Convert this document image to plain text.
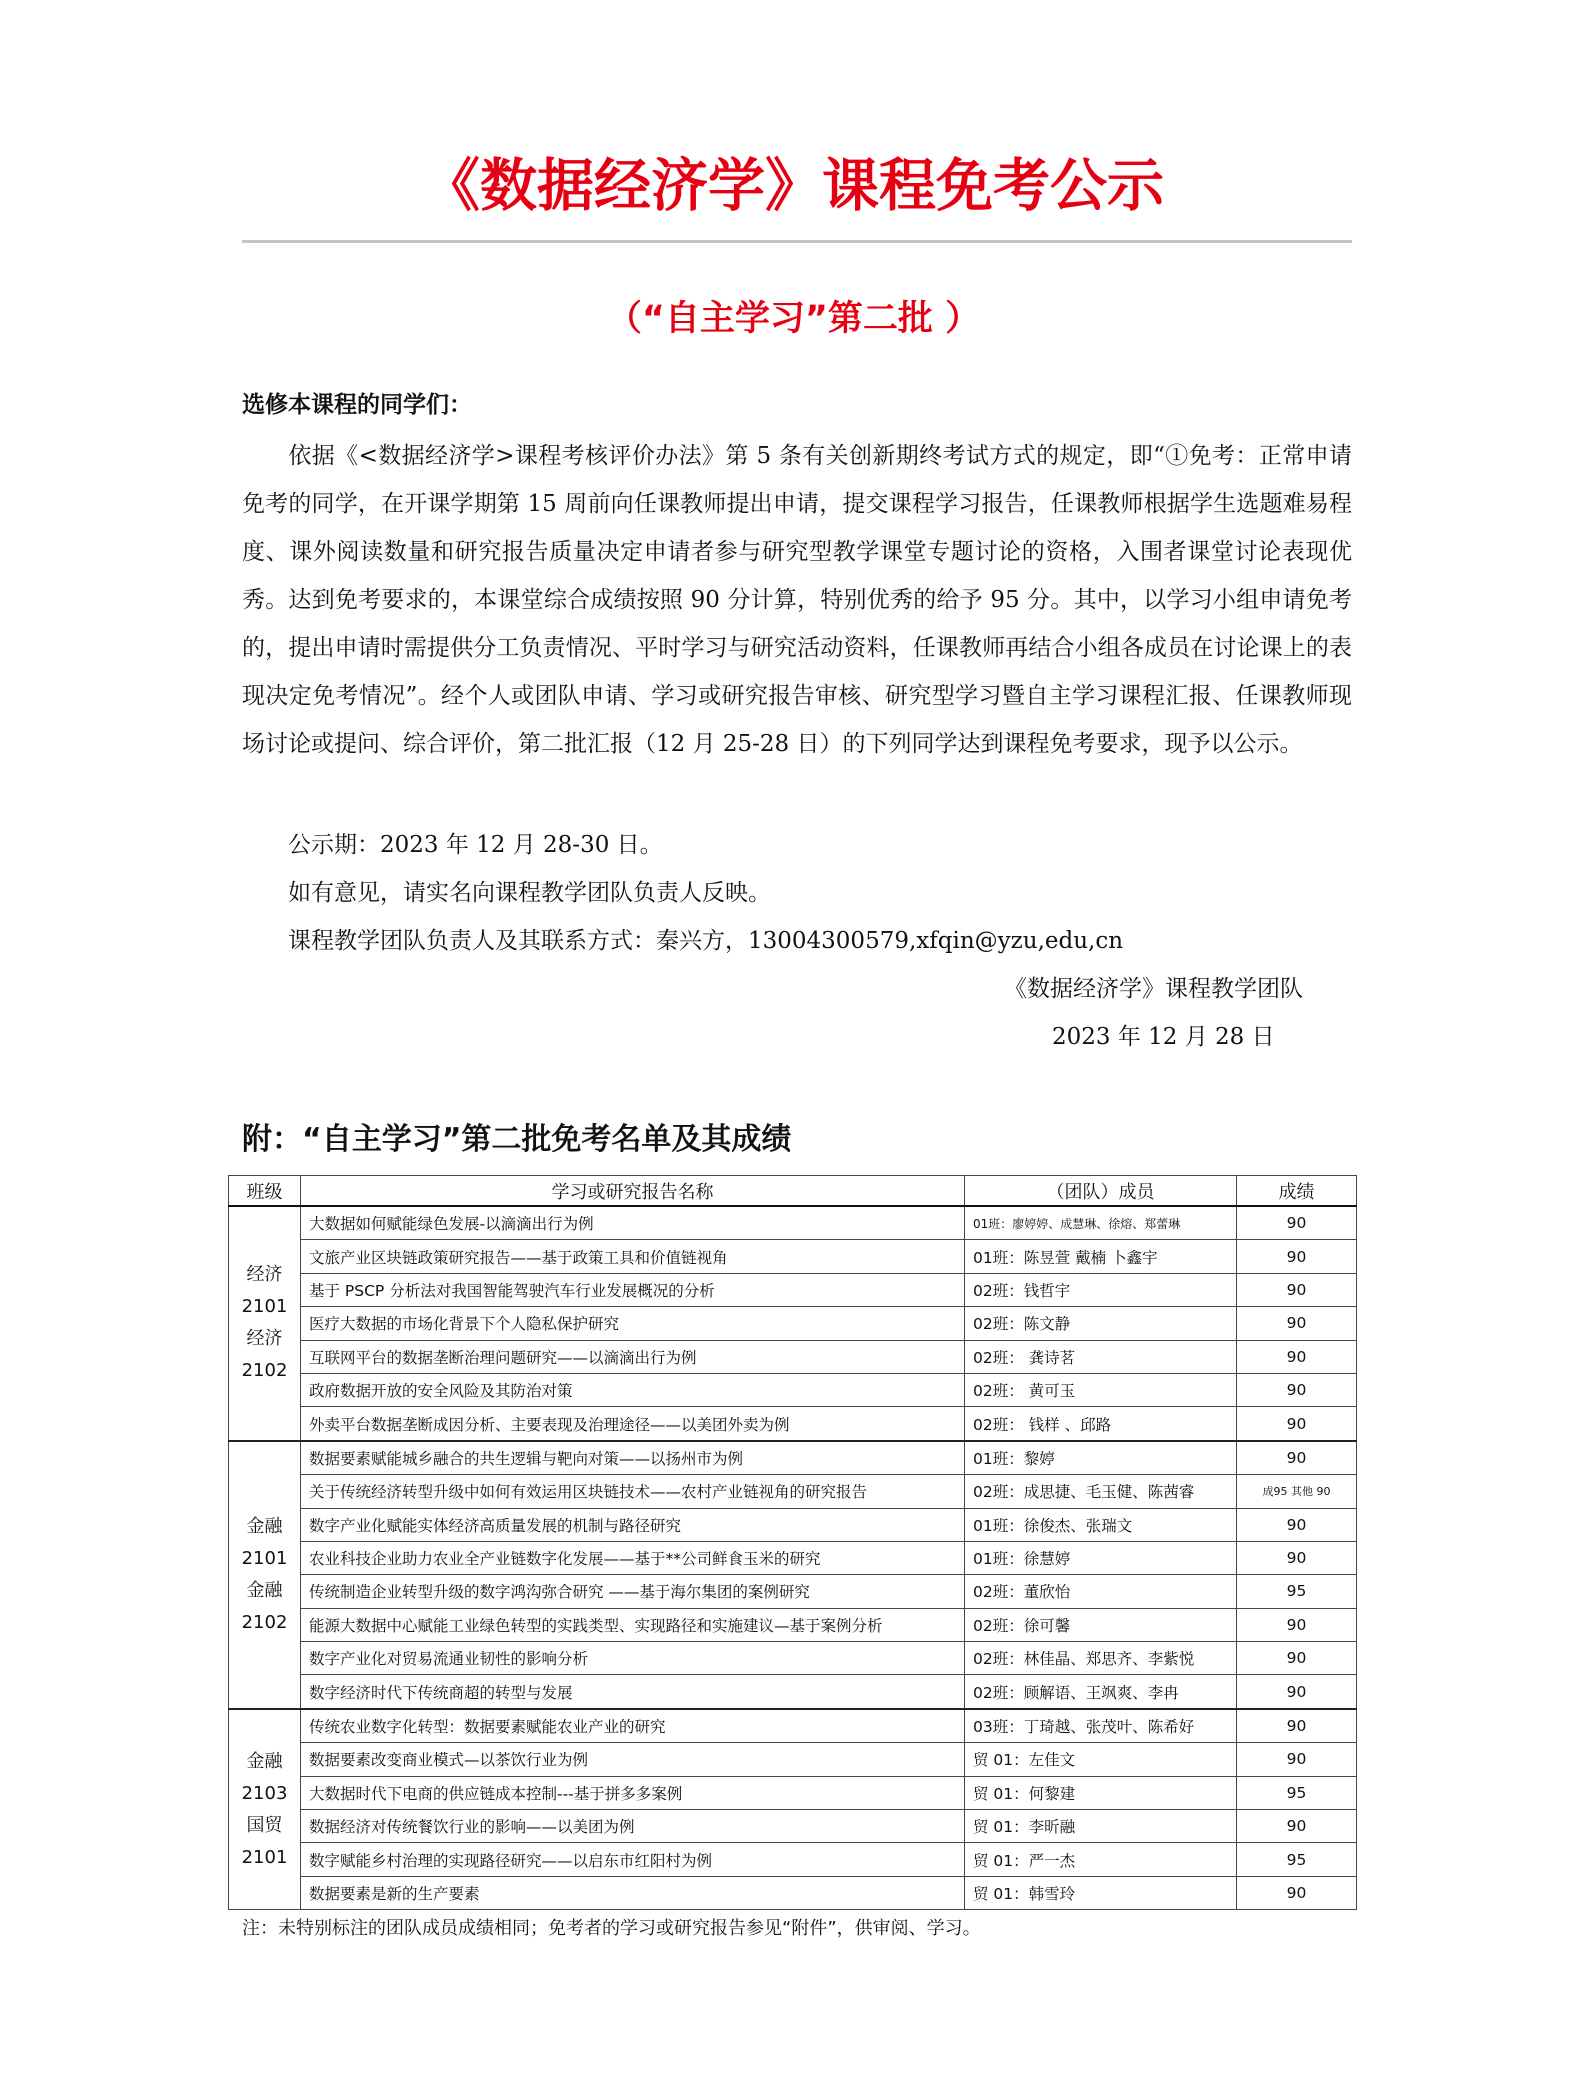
《数据经济学》课程免考公示
（“自主学习”第二批 ）
选修本课程的同学们：
依据《<数据经济学>课程考核评价办法》第 5 条有关创新期终考试方式的规定，即“①免考：正常申请免考的同学，在开课学期第 15 周前向任课教师提出申请，提交课程学习报告，任课教师根据学生选题难易程度、课外阅读数量和研究报告质量决定申请者参与研究型教学课堂专题讨论的资格，入围者课堂讨论表现优秀。达到免考要求的，本课堂综合成绩按照 90 分计算，特别优秀的给予 95 分。其中，以学习小组申请免考的，提出申请时需提供分工负责情况、平时学习与研究活动资料，任课教师再结合小组各成员在讨论课上的表现决定免考情况”。经个人或团队申请、学习或研究报告审核、研究型学习暨自主学习课程汇报、任课教师现场讨论或提问、综合评价，第二批汇报（12 月 25-28 日）的下列同学达到课程免考要求，现予以公示。
公示期：2023 年 12 月 28-30 日。
如有意见，请实名向课程教学团队负责人反映。
课程教学团队负责人及其联系方式：秦兴方，13004300579,xfqin@yzu,edu,cn
《数据经济学》课程教学团队
2023 年 12 月 28 日
附：“自主学习”第二批免考名单及其成绩
班级	学习或研究报告名称	（团队）成员	成绩

经济
2101
经济
2102	大数据如何赋能绿色发展-以滴滴出行为例	01班：廖婷婷、成慧琳、徐熔、郑蕾琳	90
	文旅产业区块链政策研究报告——基于政策工具和价值链视角	01班：陈昱萱 戴楠 卜鑫宇	90
	基于 PSCP 分析法对我国智能驾驶汽车行业发展概况的分析	02班：钱哲宇	90
	医疗大数据的市场化背景下个人隐私保护研究	02班：陈文静	90
	互联网平台的数据垄断治理问题研究——以滴滴出行为例	02班： 龚诗茗	90
	政府数据开放的安全风险及其防治对策	02班： 黄可玉	90
	外卖平台数据垄断成因分析、主要表现及治理途径——以美团外卖为例	02班： 钱样 、邱路	90

金融
2101
金融
2102	数据要素赋能城乡融合的共生逻辑与靶向对策——以扬州市为例	01班：黎婷	90
	关于传统经济转型升级中如何有效运用区块链技术——农村产业链视角的研究报告	02班：成思捷、毛玉健、陈茜睿	成95 其他 90
	数字产业化赋能实体经济高质量发展的机制与路径研究	01班：徐俊杰、张瑞文	90
	农业科技企业助力农业全产业链数字化发展——基于**公司鲜食玉米的研究	01班：徐慧婷	90
	传统制造企业转型升级的数字鸿沟弥合研究 ——基于海尔集团的案例研究	02班：董欣怡	95
	能源大数据中心赋能工业绿色转型的实践类型、实现路径和实施建议—基于案例分析	02班：徐可馨	90
	数字产业化对贸易流通业韧性的影响分析	02班：林佳晶、郑思齐、李紫悦	90
	数字经济时代下传统商超的转型与发展	02班：顾解语、王飒爽、李冉	90

金融
2103
国贸
2101	传统农业数字化转型：数据要素赋能农业产业的研究	03班：丁琦越、张茂叶、陈希好	90
	数据要素改变商业模式—以茶饮行业为例	贸 01：左佳文	90
	大数据时代下电商的供应链成本控制---基于拼多多案例	贸 01：何黎建	95
	数据经济对传统餐饮行业的影响——以美团为例	贸 01：李昕融	90
	数字赋能乡村治理的实现路径研究——以启东市红阳村为例	贸 01：严一杰	95
	数据要素是新的生产要素	贸 01：韩雪玲	90
注：未特别标注的团队成员成绩相同；免考者的学习或研究报告参见“附件”，供审阅、学习。
